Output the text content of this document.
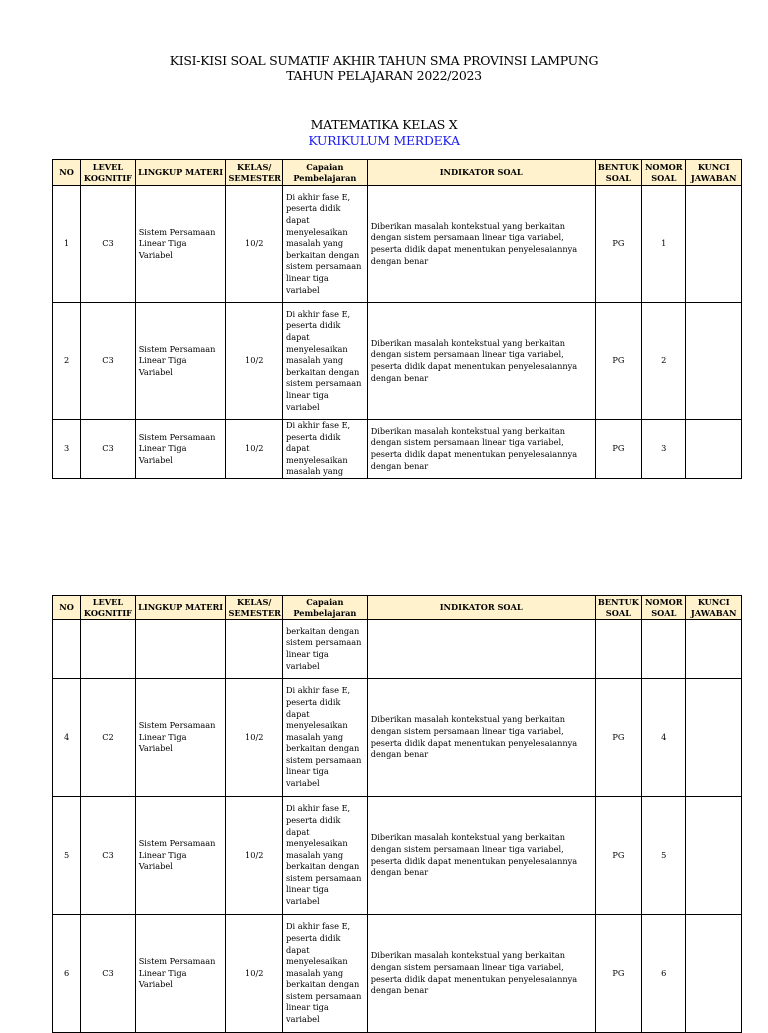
KISI-KISI SOAL SUMATIF AKHIR TAHUN SMA PROVINSI LAMPUNG
TAHUN PELAJARAN 2022/2023
MATEMATIKA KELAS X
KURIKULUM MERDEKA
NO	LEVEL KOGNITIF	LINGKUP MATERI	KELAS/ SEMESTER	Capaian Pembelajaran	INDIKATOR SOAL	BENTUK SOAL	NOMOR SOAL	KUNCI JAWABAN
1	C3	Sistem Persamaan Linear Tiga Variabel	10/2	Di akhir fase E, peserta didik dapat menyelesaikan masalah yang berkaitan dengan sistem persamaan linear tiga variabel	Diberikan masalah kontekstual yang berkaitan dengan sistem persamaan linear tiga variabel, peserta didik dapat menentukan penyelesaiannya dengan benar	PG	1	
2	C3	Sistem Persamaan Linear Tiga Variabel	10/2	Di akhir fase E, peserta didik dapat menyelesaikan masalah yang berkaitan dengan sistem persamaan linear tiga variabel	Diberikan masalah kontekstual yang berkaitan dengan sistem persamaan linear tiga variabel, peserta didik dapat menentukan penyelesaiannya dengan benar	PG	2	
3	C3	Sistem Persamaan Linear Tiga Variabel	10/2	Di akhir fase E, peserta didik dapat menyelesaikan masalah yang	Diberikan masalah kontekstual yang berkaitan dengan sistem persamaan linear tiga variabel, peserta didik dapat menentukan penyelesaiannya dengan benar	PG	3	
NO	LEVEL KOGNITIF	LINGKUP MATERI	KELAS/ SEMESTER	Capaian Pembelajaran	INDIKATOR SOAL	BENTUK SOAL	NOMOR SOAL	KUNCI JAWABAN
				berkaitan dengan sistem persamaan linear tiga variabel				
4	C2	Sistem Persamaan Linear Tiga Variabel	10/2	Di akhir fase E, peserta didik dapat menyelesaikan masalah yang berkaitan dengan sistem persamaan linear tiga variabel	Diberikan masalah kontekstual yang berkaitan dengan sistem persamaan linear tiga variabel, peserta didik dapat menentukan penyelesaiannya dengan benar	PG	4	
5	C3	Sistem Persamaan Linear Tiga Variabel	10/2	Di akhir fase E, peserta didik dapat menyelesaikan masalah yang berkaitan dengan sistem persamaan linear tiga variabel	Diberikan masalah kontekstual yang berkaitan dengan sistem persamaan linear tiga variabel, peserta didik dapat menentukan penyelesaiannya dengan benar	PG	5	
6	C3	Sistem Persamaan Linear Tiga Variabel	10/2	Di akhir fase E, peserta didik dapat menyelesaikan masalah yang berkaitan dengan sistem persamaan linear tiga variabel	Diberikan masalah kontekstual yang berkaitan dengan sistem persamaan linear tiga variabel, peserta didik dapat menentukan penyelesaiannya dengan benar	PG	6	
